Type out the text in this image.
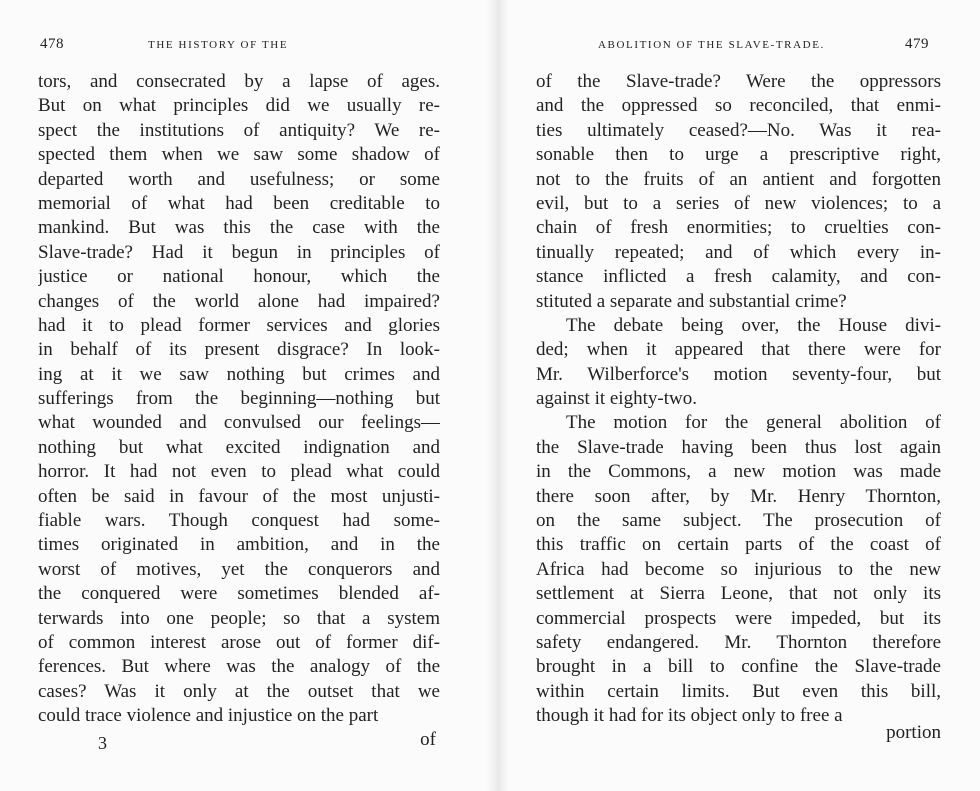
478	THE HISTORY OF THE
tors, and consecrated by a lapse of ages.
But on what principles did we usually re-
spect the institutions of antiquity? We re-
spected them when we saw some shadow of
departed worth and usefulness; or some
memorial of what had been creditable to
mankind. But was this the case with the
Slave-trade? Had it begun in principles of
justice or national honour, which the
changes of the world alone had impaired?
had it to plead former services and glories
in behalf of its present disgrace? In look-
ing at it we saw nothing but crimes and
sufferings from the beginning—nothing but
what wounded and convulsed our feelings—
nothing but what excited indignation and
horror. It had not even to plead what could
often be said in favour of the most unjusti-
fiable wars. Though conquest had some-
times originated in ambition, and in the
worst of motives, yet the conquerors and
the conquered were sometimes blended af-
terwards into one people; so that a system
of common interest arose out of former dif-
ferences. But where was the analogy of the
cases? Was it only at the outset that we
could trace violence and injustice on the part
3	of
ABOLITION OF THE SLAVE-TRADE.	479
of the Slave-trade? Were the oppressors
and the oppressed so reconciled, that enmi-
ties ultimately ceased?—No. Was it rea-
sonable then to urge a prescriptive right,
not to the fruits of an antient and forgotten
evil, but to a series of new violences; to a
chain of fresh enormities; to cruelties con-
tinually repeated; and of which every in-
stance inflicted a fresh calamity, and con-
stituted a separate and substantial crime?
The debate being over, the House divi-
ded; when it appeared that there were for
Mr. Wilberforce's motion seventy-four, but
against it eighty-two.
The motion for the general abolition of
the Slave-trade having been thus lost again
in the Commons, a new motion was made
there soon after, by Mr. Henry Thornton,
on the same subject. The prosecution of
this traffic on certain parts of the coast of
Africa had become so injurious to the new
settlement at Sierra Leone, that not only its
commercial prospects were impeded, but its
safety endangered. Mr. Thornton therefore
brought in a bill to confine the Slave-trade
within certain limits. But even this bill,
though it had for its object only to free a
portion
